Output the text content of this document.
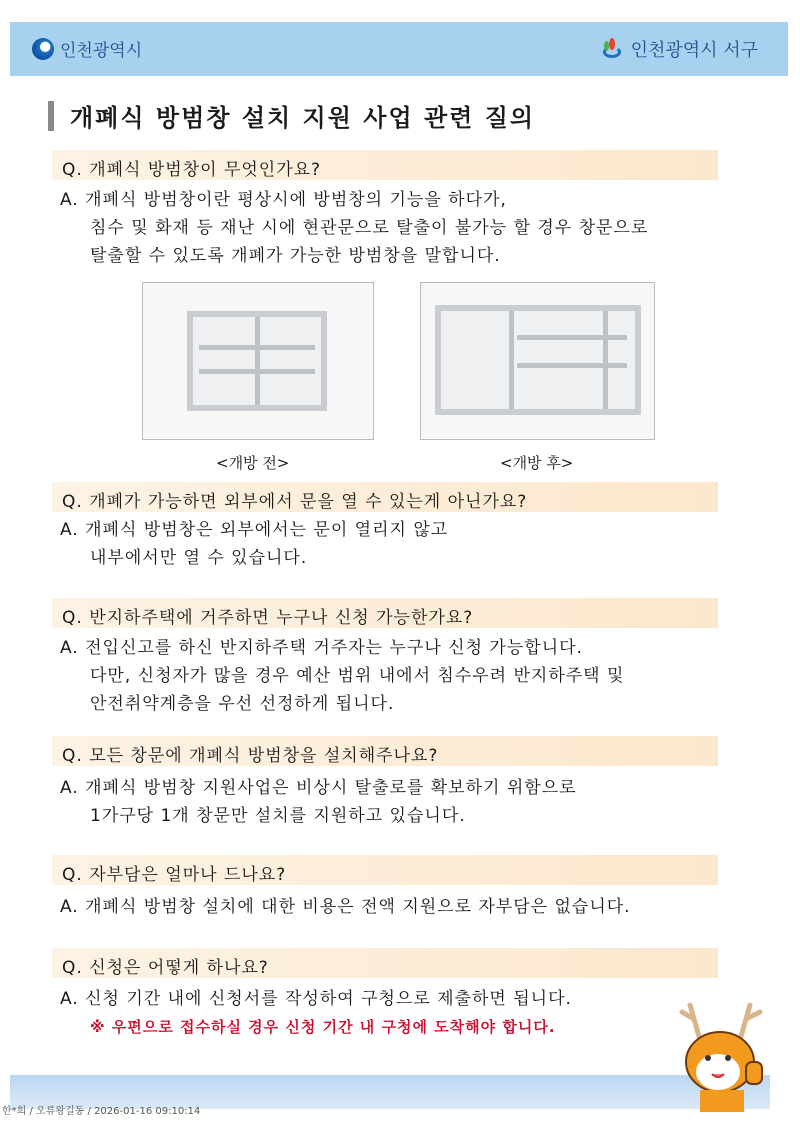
인천광역시	인천광역시 서구
개폐식 방범창 설치 지원 사업 관련 질의
Q. 개폐식 방범창이 무엇인가요?
A. 개폐식 방범창이란 평상시에 방범창의 기능을 하다가,
침수 및 화재 등 재난 시에 현관문으로 탈출이 불가능 할 경우 창문으로
탈출할 수 있도록 개폐가 가능한 방범창을 말합니다.
<개방 전>	<개방 후>
Q. 개폐가 가능하면 외부에서 문을 열 수 있는게 아닌가요?
A. 개폐식 방범창은 외부에서는 문이 열리지 않고
내부에서만 열 수 있습니다.
Q. 반지하주택에 거주하면 누구나 신청 가능한가요?
A. 전입신고를 하신 반지하주택 거주자는 누구나 신청 가능합니다.
다만, 신청자가 많을 경우 예산 범위 내에서 침수우려 반지하주택 및
안전취약계층을 우선 선정하게 됩니다.
Q. 모든 창문에 개폐식 방범창을 설치해주나요?
A. 개폐식 방범창 지원사업은 비상시 탈출로를 확보하기 위함으로
1가구당 1개 창문만 설치를 지원하고 있습니다.
Q. 자부담은 얼마나 드나요?
A. 개폐식 방범창 설치에 대한 비용은 전액 지원으로 자부담은 없습니다.
Q. 신청은 어떻게 하나요?
A. 신청 기간 내에 신청서를 작성하여 구청으로 제출하면 됩니다.
※ 우편으로 접수하실 경우 신청 기간 내 구청에 도착해야 합니다.
한*희 / 오류왕길동 / 2026-01-16 09:10:14
